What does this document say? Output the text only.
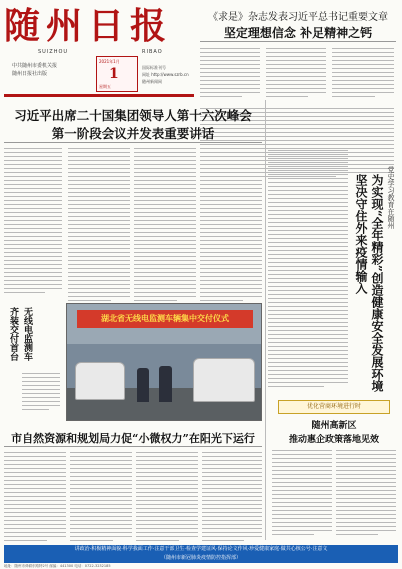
随州日报
SUIZHOU	RIBAO
中共随州市委机关报
随州日报社出版
2021年1月
1
星期五
国际标准刊号
网址 http://www.szrb.cn
随州新闻网
《求是》杂志发表习近平总书记重要文章
坚定理想信念 补足精神之钙
习近平出席二十国集团领导人第十六次峰会
第一阶段会议并发表重要讲话
党史学习教育在随州
为实现“全年精彩”创造健康安全发展环境
坚决守住外来疫情输入
无线电监测车
齐装交付首台	湖北省无线电监测车辆集中交付仪式
市自然资源和规划局力促“小微权力”在阳光下运行
优化营商环境进行时
随州高新区
推动惠企政策落地见效
讲政治·积极精神面貌·科学我面工作·注意干部卫生·检查学建证风·保持论文作风·珍爱健康家庭·做共心核公号·注意文
（随州市新冠肺炎疫情防控指挥部）
地址：随州市舜耕东路特2号 邮编：441300 电话：0722-3232185
